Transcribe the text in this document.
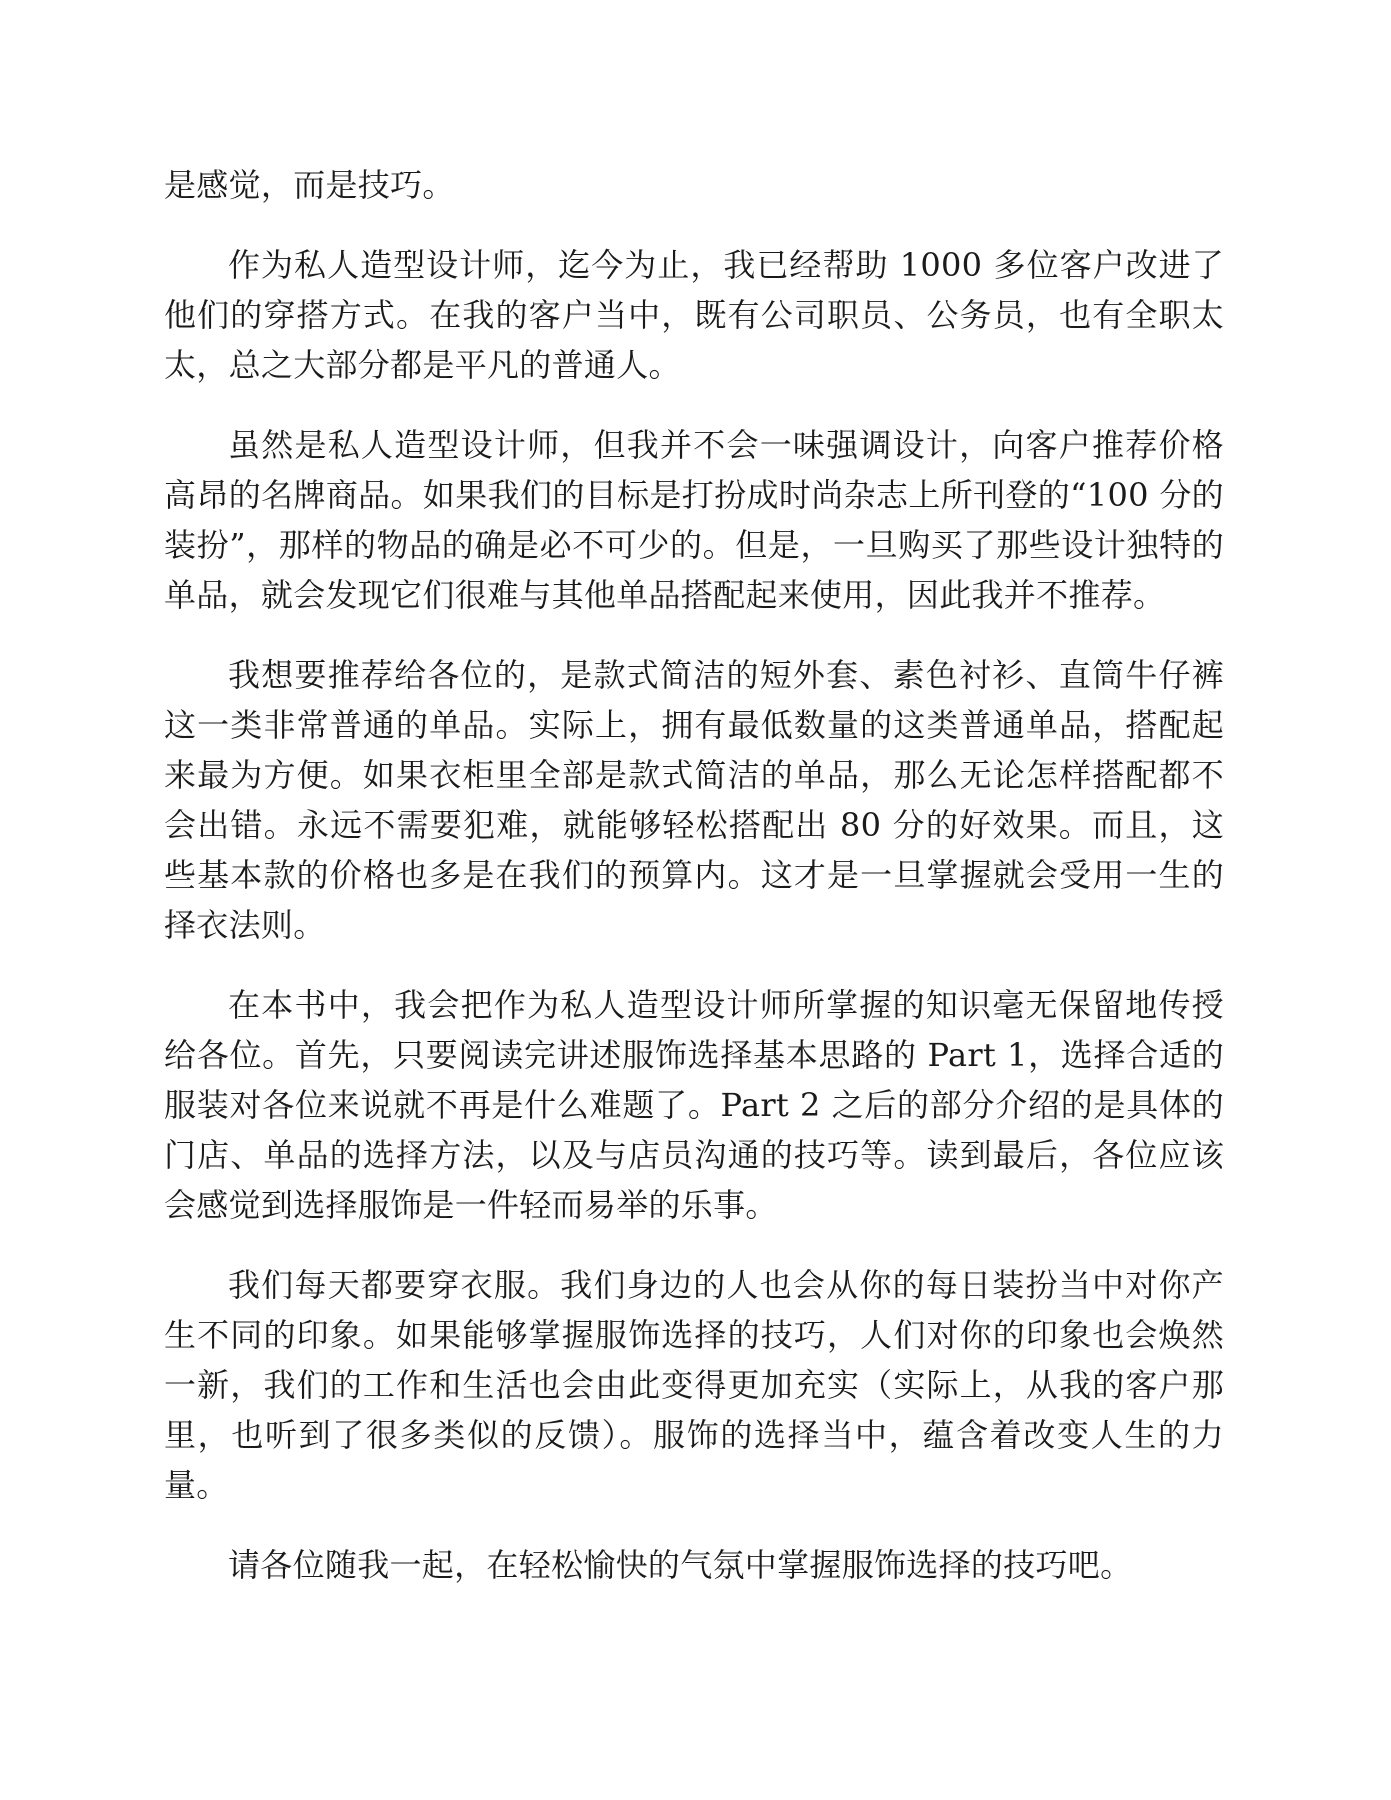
是感觉，而是技巧。

作为私人造型设计师，迄今为止，我已经帮助 1000 多位客户改进了他们的穿搭方式。在我的客户当中，既有公司职员、公务员，也有全职太太，总之大部分都是平凡的普通人。

虽然是私人造型设计师，但我并不会一味强调设计，向客户推荐价格高昂的名牌商品。如果我们的目标是打扮成时尚杂志上所刊登的“100 分的装扮”，那样的物品的确是必不可少的。但是，一旦购买了那些设计独特的单品，就会发现它们很难与其他单品搭配起来使用，因此我并不推荐。

我想要推荐给各位的，是款式简洁的短外套、素色衬衫、直筒牛仔裤这一类非常普通的单品。实际上，拥有最低数量的这类普通单品，搭配起来最为方便。如果衣柜里全部是款式简洁的单品，那么无论怎样搭配都不会出错。永远不需要犯难，就能够轻松搭配出 80 分的好效果。而且，这些基本款的价格也多是在我们的预算内。这才是一旦掌握就会受用一生的择衣法则。

在本书中，我会把作为私人造型设计师所掌握的知识毫无保留地传授给各位。首先，只要阅读完讲述服饰选择基本思路的 Part 1，选择合适的服装对各位来说就不再是什么难题了。Part 2 之后的部分介绍的是具体的门店、单品的选择方法，以及与店员沟通的技巧等。读到最后，各位应该会感觉到选择服饰是一件轻而易举的乐事。

我们每天都要穿衣服。我们身边的人也会从你的每日装扮当中对你产生不同的印象。如果能够掌握服饰选择的技巧，人们对你的印象也会焕然一新，我们的工作和生活也会由此变得更加充实（实际上，从我的客户那里，也听到了很多类似的反馈）。服饰的选择当中，蕴含着改变人生的力量。

请各位随我一起，在轻松愉快的气氛中掌握服饰选择的技巧吧。
